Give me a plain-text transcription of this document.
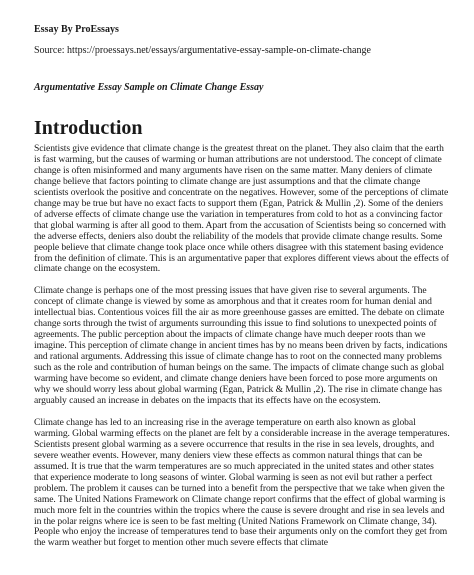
Essay By ProEssays

Source: https://proessays.net/essays/argumentative-essay-sample-on-climate-change

Argumentative Essay Sample on Climate Change Essay

Introduction

Scientists give evidence that climate change is the greatest threat on the planet. They also claim that the earth is fast warming, but the causes of warming or human attributions are not understood. The concept of climate change is often misinformed and many arguments have risen on the same matter. Many deniers of climate change believe that factors pointing to climate change are just assumptions and that the climate change scientists overlook the positive and concentrate on the negatives. However, some of the perceptions of climate change may be true but have no exact facts to support them (Egan, Patrick & Mullin ,2). Some of the deniers of adverse effects of climate change use the variation in temperatures from cold to hot as a convincing factor that global warming is after all good to them. Apart from the accusation of Scientists being so concerned with the adverse effects, deniers also doubt the reliability of the models that provide climate change results. Some people believe that climate change took place once while others disagree with this statement basing evidence from the definition of climate. This is an argumentative paper that explores different views about the effects of climate change on the ecosystem.

Climate change is perhaps one of the most pressing issues that have given rise to several arguments. The concept of climate change is viewed by some as amorphous and that it creates room for human denial and intellectual bias. Contentious voices fill the air as more greenhouse gasses are emitted. The debate on climate change sorts through the twist of arguments surrounding this issue to find solutions to unexpected points of agreements. The public perception about the impacts of climate change have much deeper roots than we imagine. This perception of climate change in ancient times has by no means been driven by facts, indications and rational arguments. Addressing this issue of climate change has to root on the connected many problems such as the role and contribution of human beings on the same. The impacts of climate change such as global warming have become so evident, and climate change deniers have been forced to pose more arguments on why we should worry less about global warming (Egan, Patrick & Mullin ,2). The rise in climate change has arguably caused an increase in debates on the impacts that its effects have on the ecosystem.

Climate change has led to an increasing rise in the average temperature on earth also known as global warming. Global warming effects on the planet are felt by a considerable increase in the average temperatures. Scientists present global warming as a severe occurrence that results in the rise in sea levels, droughts, and severe weather events. However, many deniers view these effects as common natural things that can be assumed. It is true that the warm temperatures are so much appreciated in the united states and other states that experience moderate to long seasons of winter. Global warming is seen as not evil but rather a perfect problem. The problem it causes can be turned into a benefit from the perspective that we take when given the same. The United Nations Framework on Climate change report confirms that the effect of global warming is much more felt in the countries within the tropics where the cause is severe drought and rise in sea levels and in the polar reigns where ice is seen to be fast melting (United Nations Framework on Climate change, 34). People who enjoy the increase of temperatures tend to base their arguments only on the comfort they get from the warm weather but forget to mention other much severe effects that climate
